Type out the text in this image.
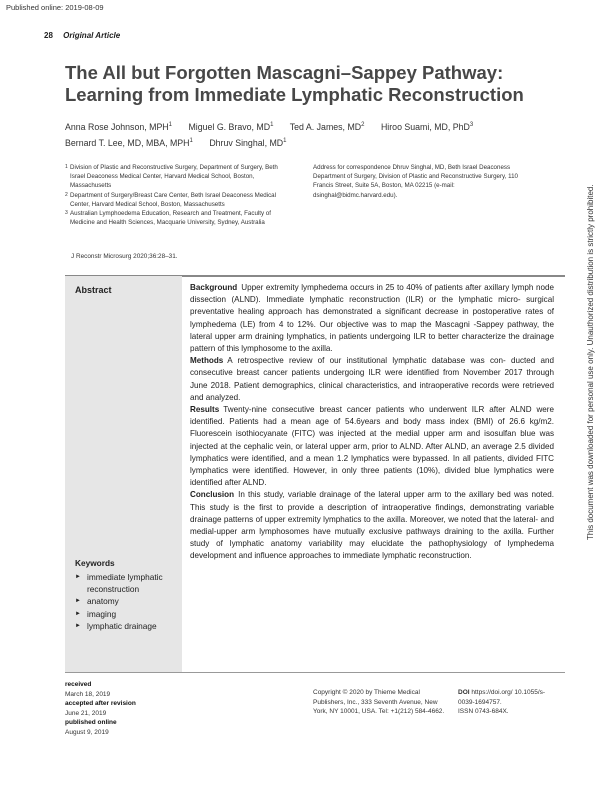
Published online: 2019-08-09
28 Original Article
The All but Forgotten Mascagni–Sappey Pathway: Learning from Immediate Lymphatic Reconstruction
Anna Rose Johnson, MPH$^1$ Miguel G. Bravo, $MD^1$ Ted A. James, $MD^2$ Hiroo Suami, MD, PhD$^3$
Bernard T. Lee, MD, MBA, MPH$^1$ Dhruv Singhal, $MD^1$
1 Division of Plastic and Reconstructive Surgery, Department of Surgery, Beth Israel Deaconess Medical Center, Harvard Medical School, Boston, Massachusetts
2 Department of Surgery/Breast Care Center, Beth Israel Deaconess Medical Center, Harvard Medical School, Boston, Massachusetts
3 Australian Lymphoedema Education, Research and Treatment, Faculty of Medicine and Health Sciences, Macquarie University, Sydney, Australia
Address for correspondence Dhruv Singhal, MD, Beth Israel Deaconess Department of Surgery, Division of Plastic and Reconstructive Surgery, 110 Francis Street, Suite 5A, Boston, MA 02215 (e-mail: dsinghal@bidmc.harvard.edu).
J Reconstr Microsurg 2020;36:28–31.
Abstract
Keywords
► immediate lymphatic reconstruction
► anatomy
► imaging
► lymphatic drainage

Background Upper extremity lymphedema occurs in 25 to 40% of patients after axillary lymph node dissection (ALND). Immediate lymphatic reconstruction (ILR) or the lymphatic micro- surgical preventative healing approach has demonstrated a significant decrease in postoperative rates of lymphedema (LE) from 4 to 12%. Our objective was to map the Mascagni -Sappey pathway, the lateral upper arm draining lymphatics, in patients undergoing ILR to better characterize the drainage pattern of this lymphosome to the axilla.

Methods A retrospective review of our institutional lymphatic database was con- ducted and consecutive breast cancer patients undergoing ILR were identified from November 2017 through June 2018. Patient demographics, clinical characteristics, and intraoperative records were retrieved and analyzed.

Results Twenty-nine consecutive breast cancer patients who underwent ILR after ALND were identified. Patients had a mean age of 54.6years and body mass index (BMI) of 26.6 kg/m2. Fluorescein isothiocyanate (FITC) was injected at the medial upper arm and isosulfan blue was injected at the cephalic vein, or lateral upper arm, prior to ALND. After ALND, an average 2.5 divided lymphatics were identified, and a mean 1.2 lymphatics were bypassed. In all patients, divided FITC lymphatics were identified. However, in only three patients (10%), divided blue lymphatics were identified after ALND.

Conclusion In this study, variable drainage of the lateral upper arm to the axillary bed was noted. This study is the first to provide a description of intraoperative findings, demonstrating variable drainage patterns of upper extremity lymphatics to the axilla. Moreover, we noted that the lateral- and medial-upper arm lymphosomes have mutually exclusive pathways draining to the axilla. Further study of lymphatic anatomy variability may elucidate the pathophysiology of lymphedema development and influence approaches to immediate lymphatic reconstruction.

received
March 18, 2019
accepted after revision
June 21, 2019
published online
August 9, 2019
Copyright © 2020 by Thieme Medical Publishers, Inc., 333 Seventh Avenue, New York, NY 10001, USA. Tel: +1(212) 584-4662.
DOI https://doi.org/ 10.1055/s-0039-1694757.
ISSN 0743-684X.
This document was downloaded for personal use only. Unauthorized distribution is strictly prohibited.
